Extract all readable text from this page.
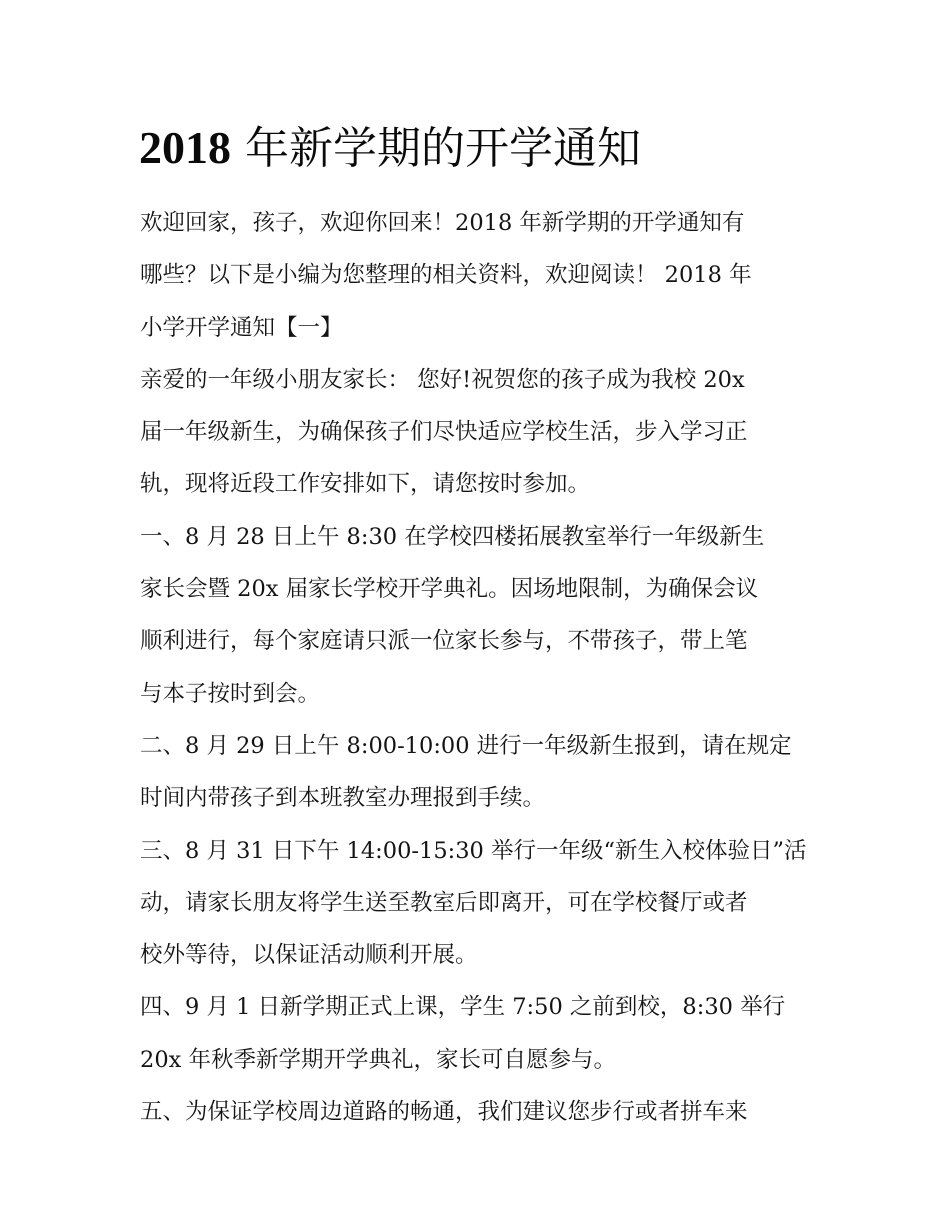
2018 年新学期的开学通知
欢迎回家，孩子，欢迎你回来！2018 年新学期的开学通知有
哪些？以下是小编为您整理的相关资料，欢迎阅读！ 2018 年
小学开学通知【一】
亲爱的一年级小朋友家长： 您好!祝贺您的孩子成为我校 20x
届一年级新生，为确保孩子们尽快适应学校生活，步入学习正
轨，现将近段工作安排如下，请您按时参加。
一、8 月 28 日上午 8:30 在学校四楼拓展教室举行一年级新生
家长会暨 20x 届家长学校开学典礼。因场地限制，为确保会议
顺利进行，每个家庭请只派一位家长参与，不带孩子，带上笔
与本子按时到会。
二、8 月 29 日上午 8:00-10:00 进行一年级新生报到，请在规定
时间内带孩子到本班教室办理报到手续。
三、8 月 31 日下午 14:00-15:30 举行一年级“新生入校体验日”活
动，请家长朋友将学生送至教室后即离开，可在学校餐厅或者
校外等待，以保证活动顺利开展。
四、9 月 1 日新学期正式上课，学生 7:50 之前到校，8:30 举行
20x 年秋季新学期开学典礼，家长可自愿参与。
五、为保证学校周边道路的畅通，我们建议您步行或者拼车来
